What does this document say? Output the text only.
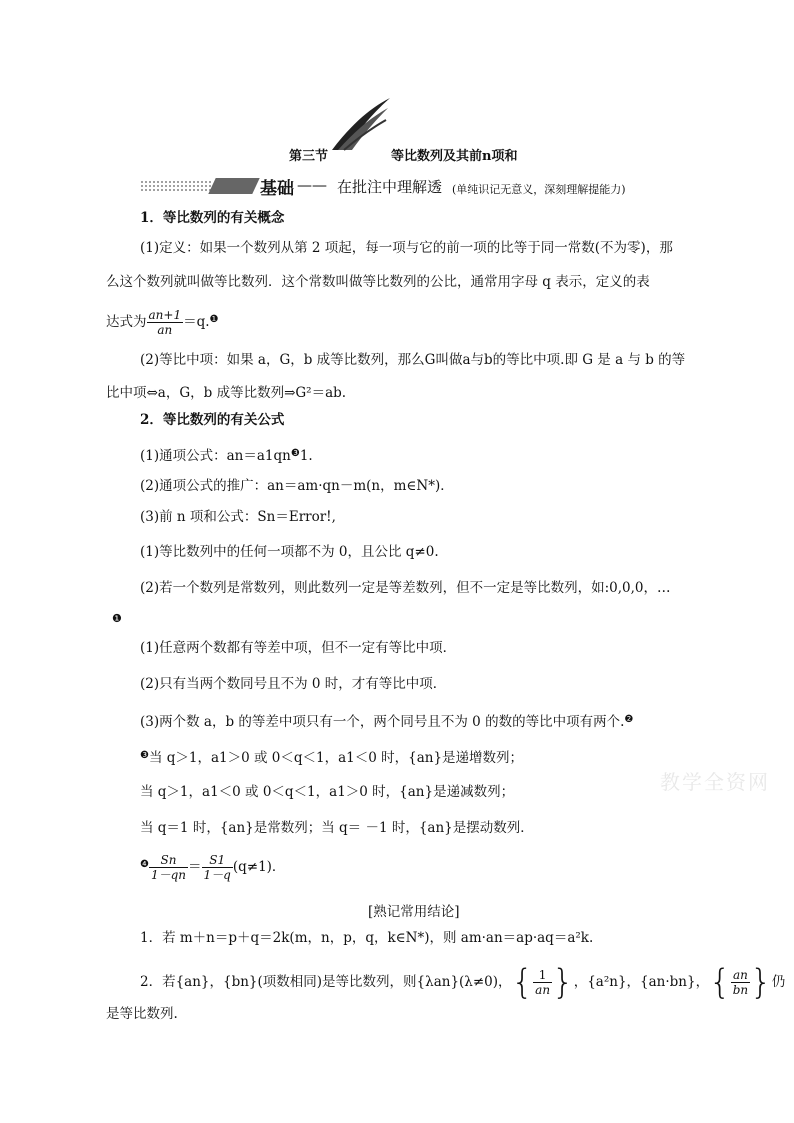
第三节	等比数列及其前n项和
基础 —— 在批注中理解透 (单纯识记无意义，深刻理解提能力)
1．等比数列的有关概念
(1)定义：如果一个数列从第 2 项起，每一项与它的前一项的比等于同一常数(不为零)，那
么这个数列就叫做等比数列．这个常数叫做等比数列的公比，通常用字母 q 表示，定义的表
达式为 $\frac{an+1}{an} =q.^❶$
(2)等比中项：如果 a，G，b 成等比数列，那么G叫做a与b的等比中项.即 G 是 a 与 b 的等
比中项⇔a，G，b 成等比数列⇒G²＝ab.
2．等比数列的有关公式
(1)通项公式：$an=a1qn^❸1$.
(2)通项公式的推广：an＝am·qn－m(n，m∈N*)．
(3)前 n 项和公式：Sn＝Error!,
(1)等比数列中的任何一项都不为 0，且公比 q≠0.
(2)若一个数列是常数列，则此数列一定是等差数列，但不一定是等比数列，如:0,0,0，…
❶
(1)任意两个数都有等差中项，但不一定有等比中项．
(2)只有当两个数同号且不为 0 时，才有等比中项．
(3)两个数 a，b 的等差中项只有一个，两个同号且不为 0 的数的等比中项有两个.$^❷$
$^❸$当 q＞1，a1＞0 或 0＜q＜1，a1＜0 时，{an}是递增数列；
当 q＞1，a1＜0 或 0＜q＜1，a1＞0 时，{an}是递减数列；
当 q＝1 时，{an}是常数列；当 q＝ －1 时，{an}是摆动数列．
$^❹ \frac{Sn}{1-qn} = \frac{S1}{1-q} (q\ne 1)$．
教学全资网
[熟记常用结论]
1．若 m＋n＝p＋q＝2k(m，n，p，q，k∈N*)，则 am·an＝ap·aq＝a²k.
2．若{an}，{bn}(项数相同)是等比数列，则{λan}(λ≠0)，{ $\frac{1}{an}$ }，{a²n}，{an·bn}，{ $\frac{an}{bn}$ }仍
是等比数列.
